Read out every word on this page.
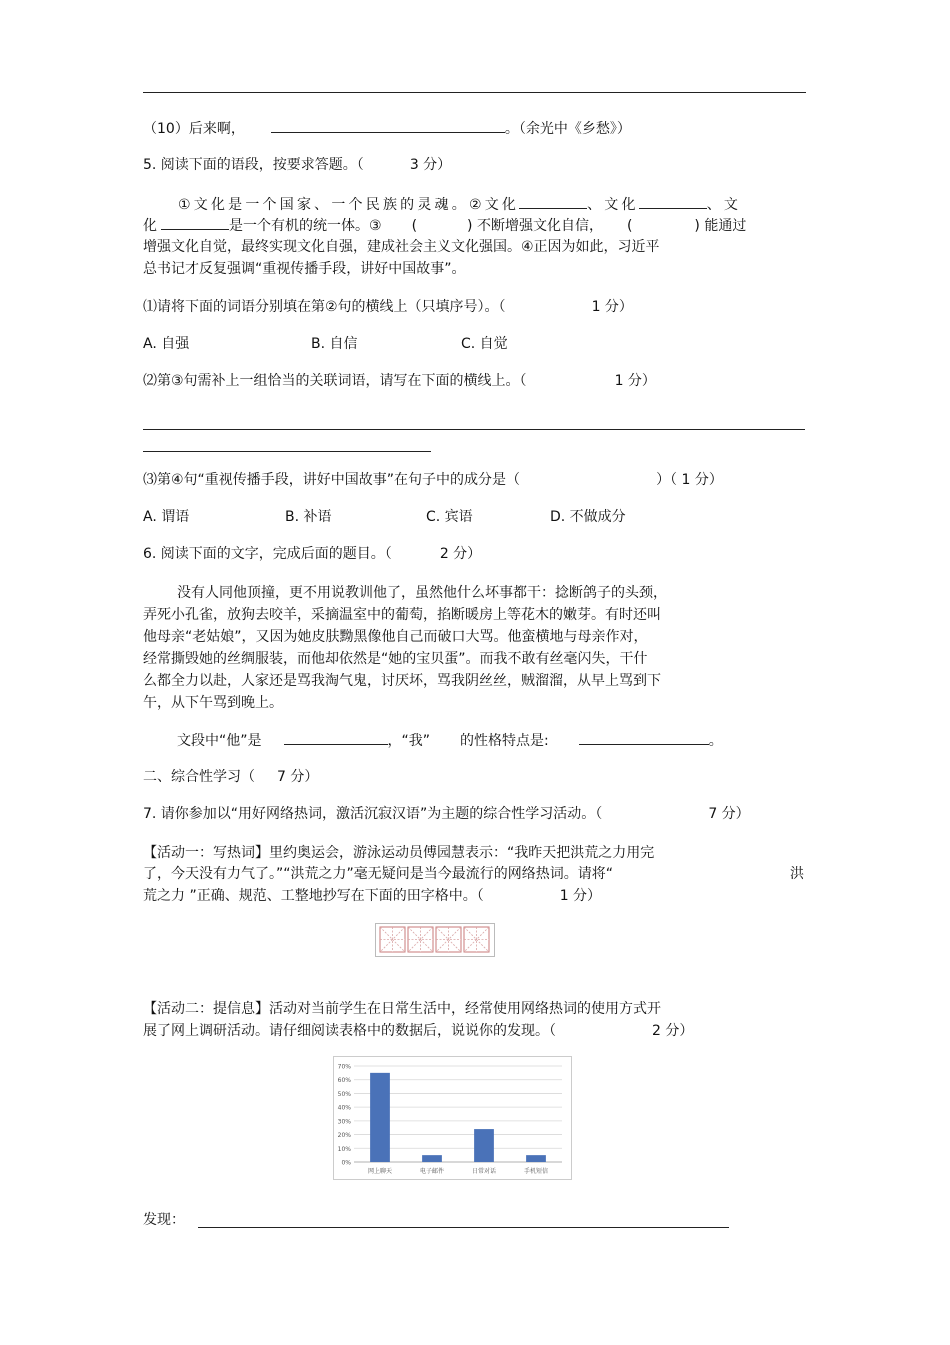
（10）后来啊，	。（余光中《乡愁》）
5. 阅读下面的语段，按要求答题。（	3 分）
①文化是一个国家、一个民族的灵魂。②文化	、文化	、文
化	是一个有机的统一体。③ (	) 不断增强文化自信， (	) 能通过
增强文化自觉，最终实现文化自强，建成社会主义文化强国。④正因为如此，习近平
总书记才反复强调“重视传播手段，讲好中国故事”。
⑴请将下面的词语分别填在第②句的横线上（只填序号）。（	1 分）
A. 自强	B. 自信	C. 自觉
⑵第③句需补上一组恰当的关联词语，请写在下面的横线上。（	1 分）
⑶第④句“重视传播手段，讲好中国故事”在句子中的成分是（	）（ 1 分）
A. 谓语	B. 补语	C. 宾语	D. 不做成分
6. 阅读下面的文字，完成后面的题目。（	2 分）
没有人同他顶撞，更不用说教训他了，虽然他什么坏事都干：捻断鸽子的头颈，
弄死小孔雀，放狗去咬羊，采摘温室中的葡萄，掐断暖房上等花木的嫩芽。有时还叫
他母亲“老姑娘”，又因为她皮肤黝黑像他自己而破口大骂。他蛮横地与母亲作对，
经常撕毁她的丝绸服装，而他却依然是“她的宝贝蛋”。而我不敢有丝毫闪失，干什
么都全力以赴，人家还是骂我淘气鬼，讨厌坏，骂我阴丝丝，贼溜溜，从早上骂到下
午，从下午骂到晚上。
文段中“他”是	，“我” 的性格特点是:	。
二、综合性学习（ 7 分）
7. 请你参加以“用好网络热词，激活沉寂汉语”为主题的综合性学习活动。（	7 分）
【活动一：写热词】里约奥运会，游泳运动员傅园慧表示：“我昨天把洪荒之力用完
了，今天没有力气了。”“洪荒之力”毫无疑问是当今最流行的网络热词。请将“	洪
荒之力 ”正确、规范、工整地抄写在下面的田字格中。（	1 分）
【活动二：提信息】活动对当前学生在日常生活中，经常使用网络热词的使用方式开
展了网上调研活动。请仔细阅读表格中的数据后，说说你的发现。（	2 分）
0%
10%
20%
30%
40%
50%
60%
70%
网上聊天	电子邮件	日常对话	手机短信
发现：
